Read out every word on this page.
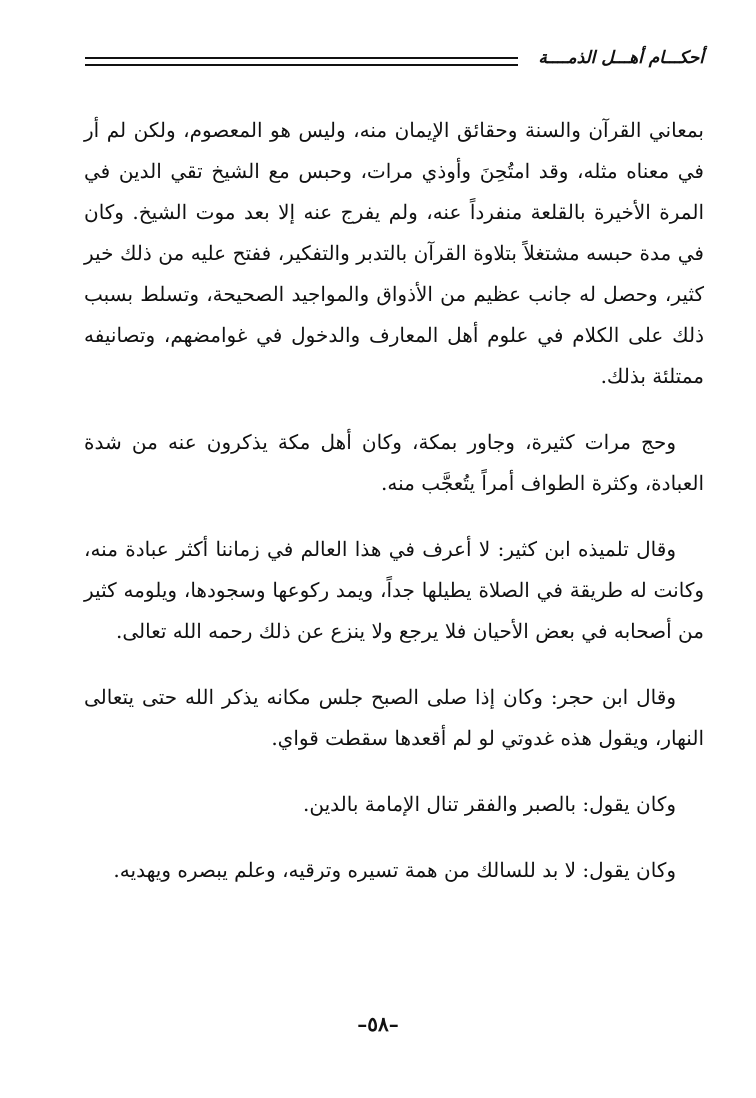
أحكـــام أهـــل الذمــــة

بمعاني القرآن والسنة وحقائق الإيمان منه، وليس هو المعصوم، ولكن لم أر في معناه مثله، وقد امتُحِنَ وأوذي مرات، وحبس مع الشيخ تقي الدين في المرة الأخيرة بالقلعة منفرداً عنه، ولم يفرج عنه إلا بعد موت الشيخ. وكان في مدة حبسه مشتغلاً بتلاوة القرآن بالتدبر والتفكير، ففتح عليه من ذلك خير كثير، وحصل له جانب عظيم من الأذواق والمواجيد الصحيحة، وتسلط بسبب ذلك على الكلام في علوم أهل المعارف والدخول في غوامضهم، وتصانيفه ممتلئة بذلك.

وحج مرات كثيرة، وجاور بمكة، وكان أهل مكة يذكرون عنه من شدة العبادة، وكثرة الطواف أمراً يتُعجَّب منه.

وقال تلميذه ابن كثير: لا أعرف في هذا العالم في زماننا أكثر عبادة منه، وكانت له طريقة في الصلاة يطيلها جداً، ويمد ركوعها وسجودها، ويلومه كثير من أصحابه في بعض الأحيان فلا يرجع ولا ينزع عن ذلك رحمه الله تعالى.

وقال ابن حجر: وكان إذا صلى الصبح جلس مكانه يذكر الله حتى يتعالى النهار، ويقول هذه غدوتي لو لم أقعدها سقطت قواي.

وكان يقول: بالصبر والفقر تنال الإمامة بالدين.

وكان يقول: لا بد للسالك من همة تسيره وترقيه، وعلم يبصره ويهديه.

–٥٨–
